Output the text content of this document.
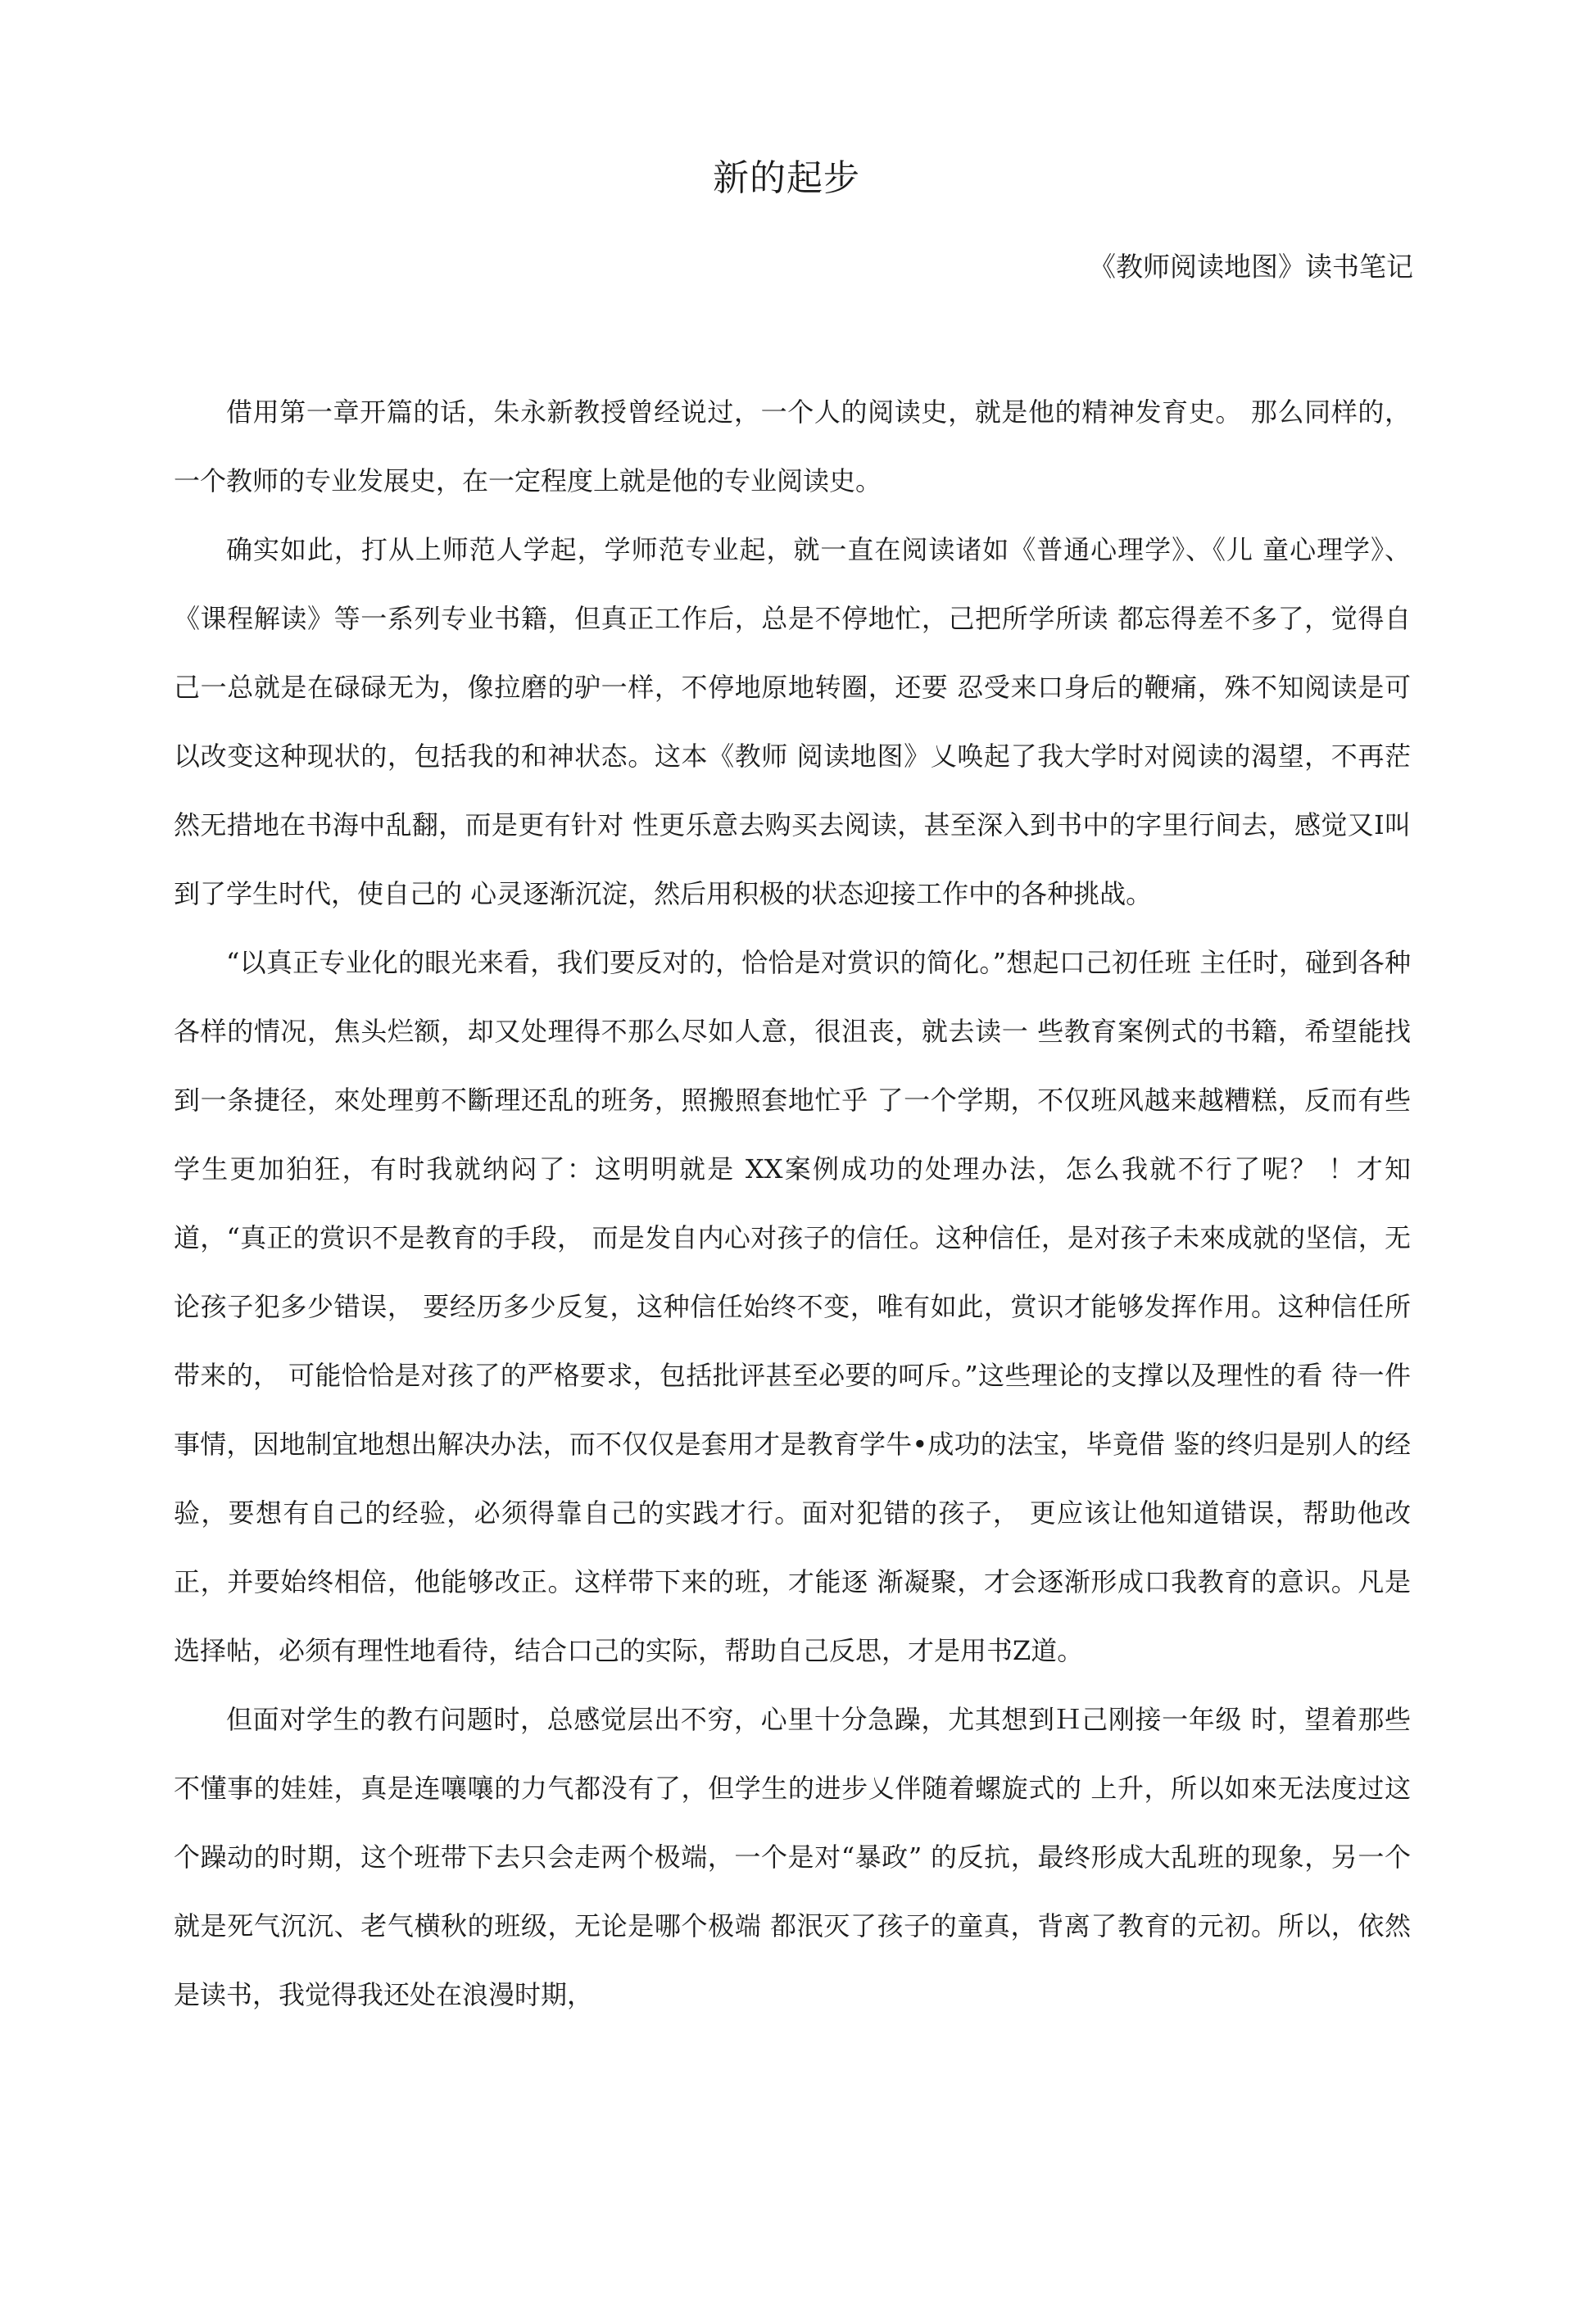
新的起步
《教师阅读地图》读书笔记

借用第一章开篇的话，朱永新教授曾经说过，一个人的阅读史，就是他的精神发育史。 那么同样的，一个教师的专业发展史，在一定程度上就是他的专业阅读史。

确实如此，打从上师范人学起，学师范专业起，就一直在阅读诸如《普通心理学》、《儿 童心理学》、《课程解读》等一系列专业书籍，但真正工作后，总是不停地忙，己把所学所读 都忘得差不多了，觉得自己一总就是在碌碌无为，像拉磨的驴一样，不停地原地转圈，还要 忍受来口身后的鞭痛，殊不知阅读是可以改变这种现状的，包括我的和神状态。这本《教师 阅读地图》乂唤起了我大学时对阅读的渴望，不再茫然无措地在书海中乱翻，而是更有针对 性更乐意去购买去阅读，甚至深入到书中的字里行间去，感觉又I叫到了学生时代，使自己的 心灵逐渐沉淀，然后用积极的状态迎接工作中的各种挑战。

“以真正专业化的眼光来看，我们要反对的，恰恰是对赏识的简化。”想起口己初任班 主任时，碰到各种各样的情况，焦头烂额，却又处理得不那么尽如人意，很沮丧，就去读一 些教育案例式的书籍，希望能找到一条捷径，來处理剪不斷理还乱的班务，照搬照套地忙乎 了一个学期，不仅班风越来越糟糕，反而有些学生更加狛狂，有时我就纳闷了：这明明就是 XX案例成功的处理办法，怎么我就不行了呢？ ！才知道，“真正的赏识不是教育的手段， 而是发自内心对孩子的信任。这种信任，是对孩子未來成就的坚信，无论孩子犯多少错误， 要经历多少反复，这种信任始终不变，唯有如此，赏识才能够发挥作用。这种信任所带来的， 可能恰恰是对孩了的严格要求，包括批评甚至必要的呵斥。”这些理论的支撑以及理性的看 待一件事情，因地制宜地想出解决办法，而不仅仅是套用才是教育学牛•成功的法宝，毕竟借 鉴的终归是别人的经验，要想有自己的经验，必须得靠自己的实践才行。面对犯错的孩子， 更应该让他知道错误，帮助他改正，并要始终相倍，他能够改正。这样带下来的班，才能逐 渐凝聚，才会逐渐形成口我教育的意识。凡是选择帖，必须有理性地看待，结合口己的实际，帮助自己反思，才是用书Z道。

但面对学生的教冇问题时，总感觉层出不穷，心里十分急躁，尤其想到Ｈ己刚接一年级 时，望着那些不懂事的娃娃，真是连嚷嚷的力气都没有了，但学生的进步乂伴随着螺旋式的 上升，所以如來无法度过这个躁动的时期，这个班带下去只会走两个极端，一个是对“暴政” 的反抗，最终形成大乱班的现象，另一个就是死气沉沉、老气横秋的班级，无论是哪个极端 都泯灭了孩子的童真，背离了教育的元初。所以，依然是读书，我觉得我还处在浪漫时期，
